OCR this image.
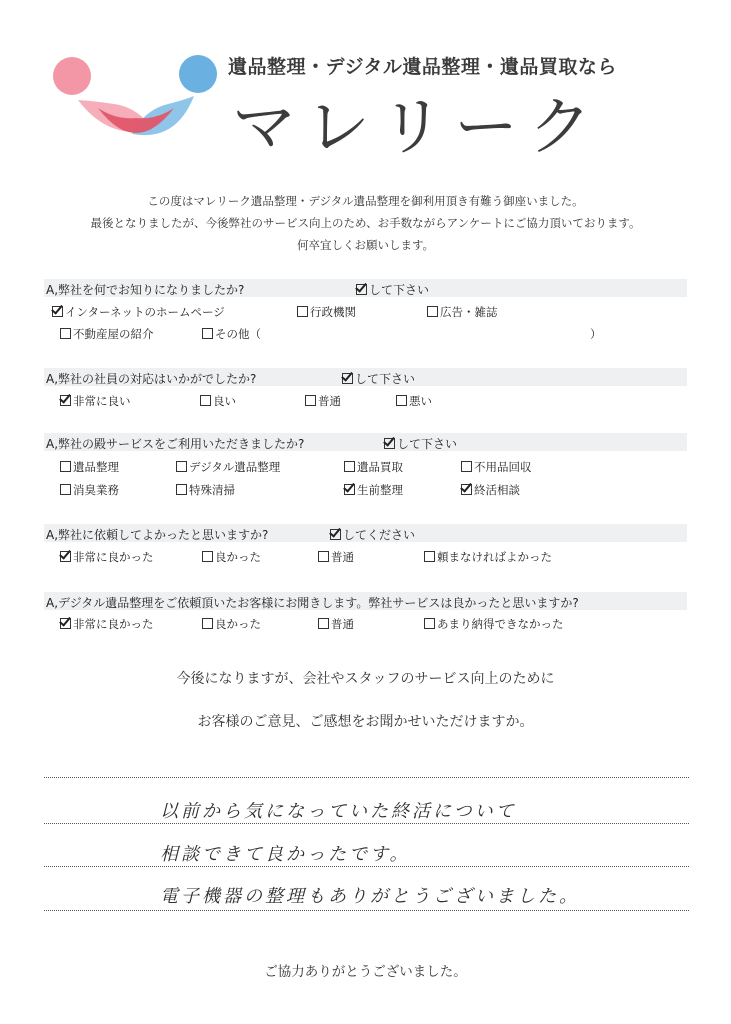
遺品整理・デジタル遺品整理・遺品買取なら
マレリーク
この度はマレリーク遺品整理・デジタル遺品整理を御利用頂き有難う御座いました。
最後となりましたが、今後弊社のサービス向上のため、お手数ながらアンケートにご協力頂いております。
何卒宜しくお願いします。
A,弊社を何でお知りになりましたか?	して下さい
インターネットのホームページ	行政機関	広告・雑誌
不動産屋の紹介	その他（	）
A,弊社の社員の対応はいかがでしたか?	して下さい
非常に良い	良い	普通	悪い
A,弊社の殿サービスをご利用いただきましたか?	して下さい
遺品整理	デジタル遺品整理	遺品買取	不用品回収
消臭業務	特殊清掃	生前整理	終活相談
A,弊社に依頼してよかったと思いますか?	してください
非常に良かった	良かった	普通	頼まなければよかった
A,デジタル遺品整理をご依頼頂いたお客様にお聞きします。弊社サービスは良かったと思いますか?
非常に良かった	良かった	普通	あまり納得できなかった
今後になりますが、会社やスタッフのサービス向上のために
お客様のご意見、ご感想をお聞かせいただけますか。
以前から気になっていた終活について
相談できて良かったです。
電子機器の整理もありがとうございました。
ご協力ありがとうございました。
